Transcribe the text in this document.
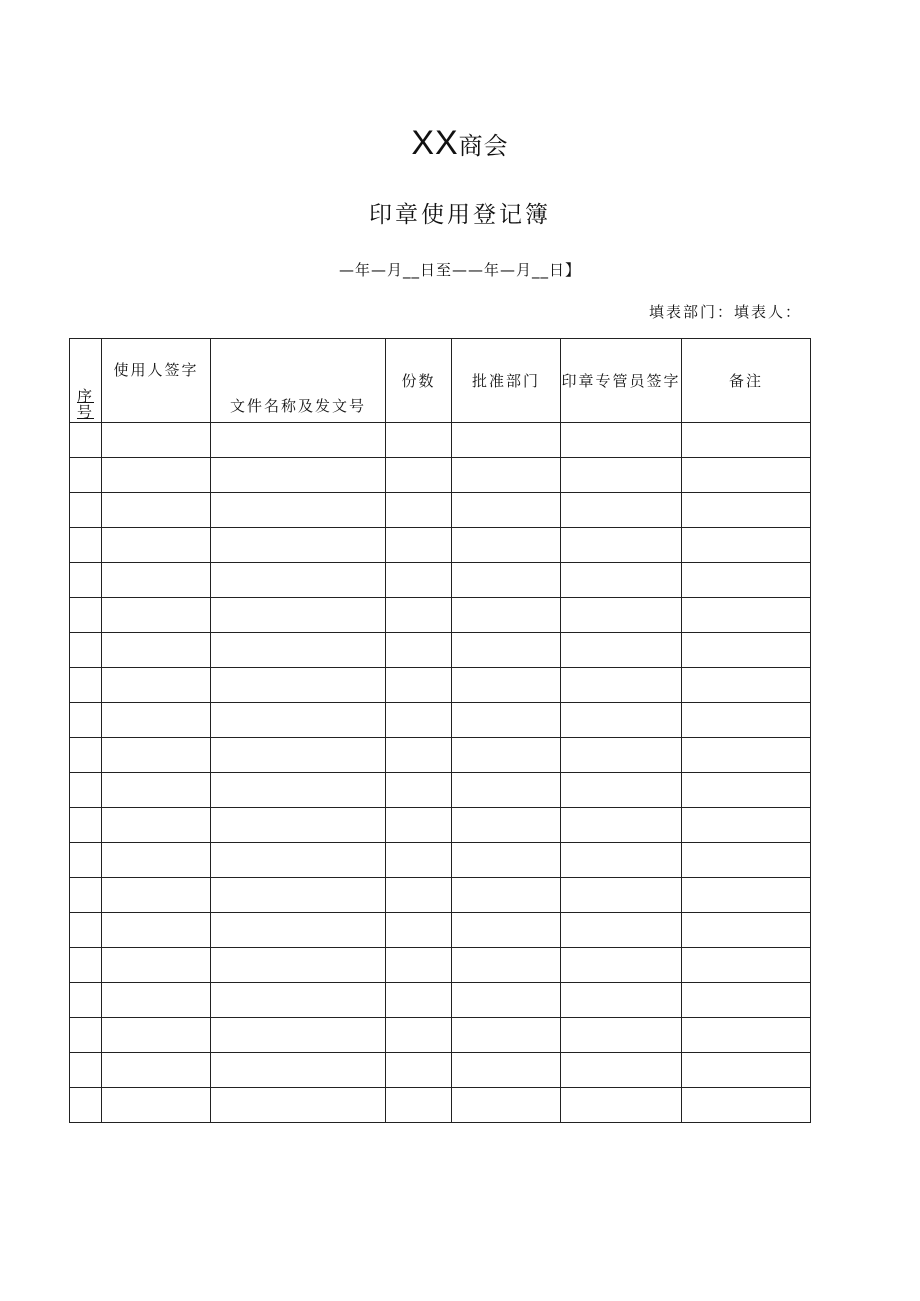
XX商会
印章使用登记簿
—年—月__日至——年—月__日】
填表部门：填表人：
序号	使用人签字	文件名称及发文号	份数	批准部门	印章专管员签字	备注
